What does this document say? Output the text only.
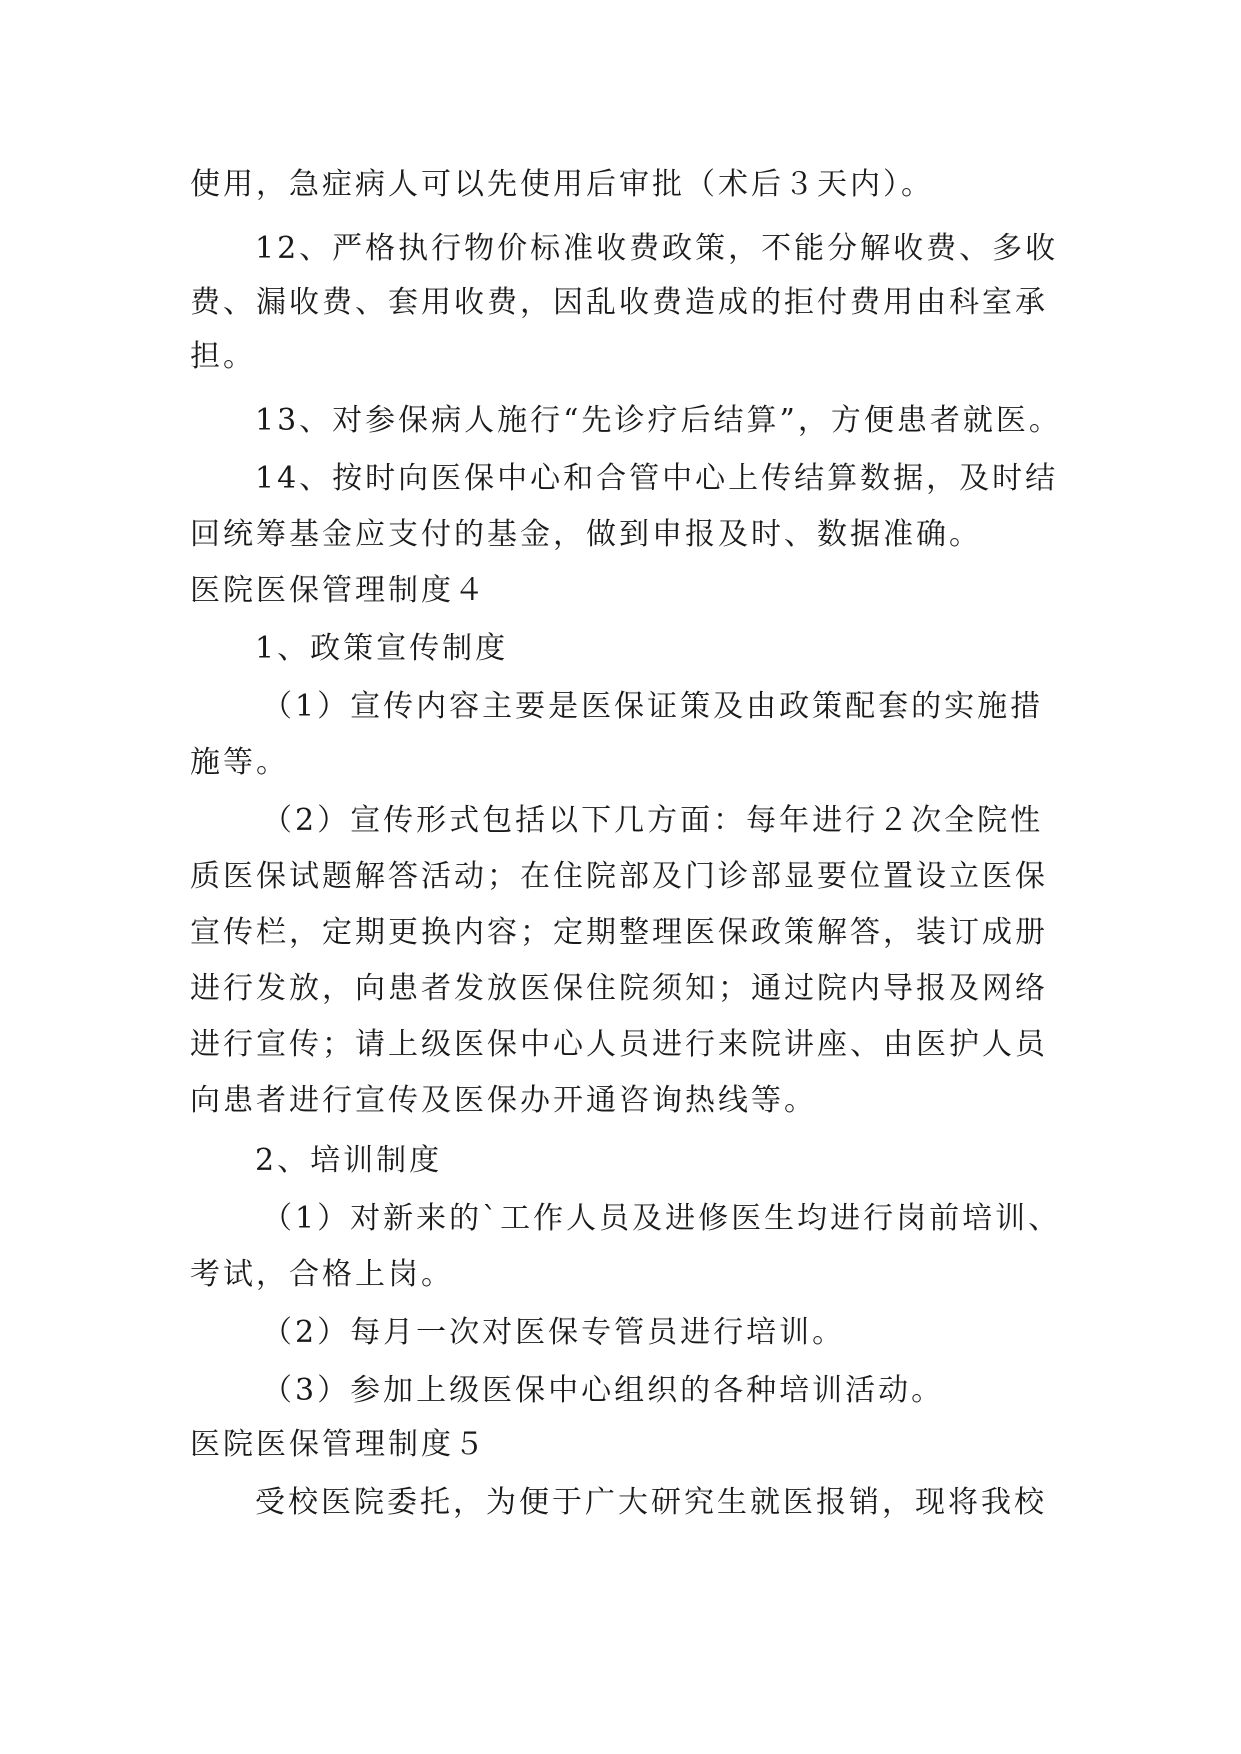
使用，急症病人可以先使用后审批（术后３天内）。
12、严格执行物价标准收费政策，不能分解收费、多收
费、漏收费、套用收费，因乱收费造成的拒付费用由科室承
担。
13、对参保病人施行“先诊疗后结算”，方便患者就医。
14、按时向医保中心和合管中心上传结算数据，及时结
回统筹基金应支付的基金，做到申报及时、数据准确。
医院医保管理制度４
1、政策宣传制度
（1）宣传内容主要是医保证策及由政策配套的实施措
施等。
（2）宣传形式包括以下几方面：每年进行２次全院性
质医保试题解答活动；在住院部及门诊部显要位置设立医保
宣传栏，定期更换内容；定期整理医保政策解答，装订成册
进行发放，向患者发放医保住院须知；通过院内导报及网络
进行宣传；请上级医保中心人员进行来院讲座、由医护人员
向患者进行宣传及医保办开通咨询热线等。
2、培训制度
（1）对新来的`工作人员及进修医生均进行岗前培训、
考试，合格上岗。
（2）每月一次对医保专管员进行培训。
（3）参加上级医保中心组织的各种培训活动。
医院医保管理制度５
受校医院委托，为便于广大研究生就医报销，现将我校
